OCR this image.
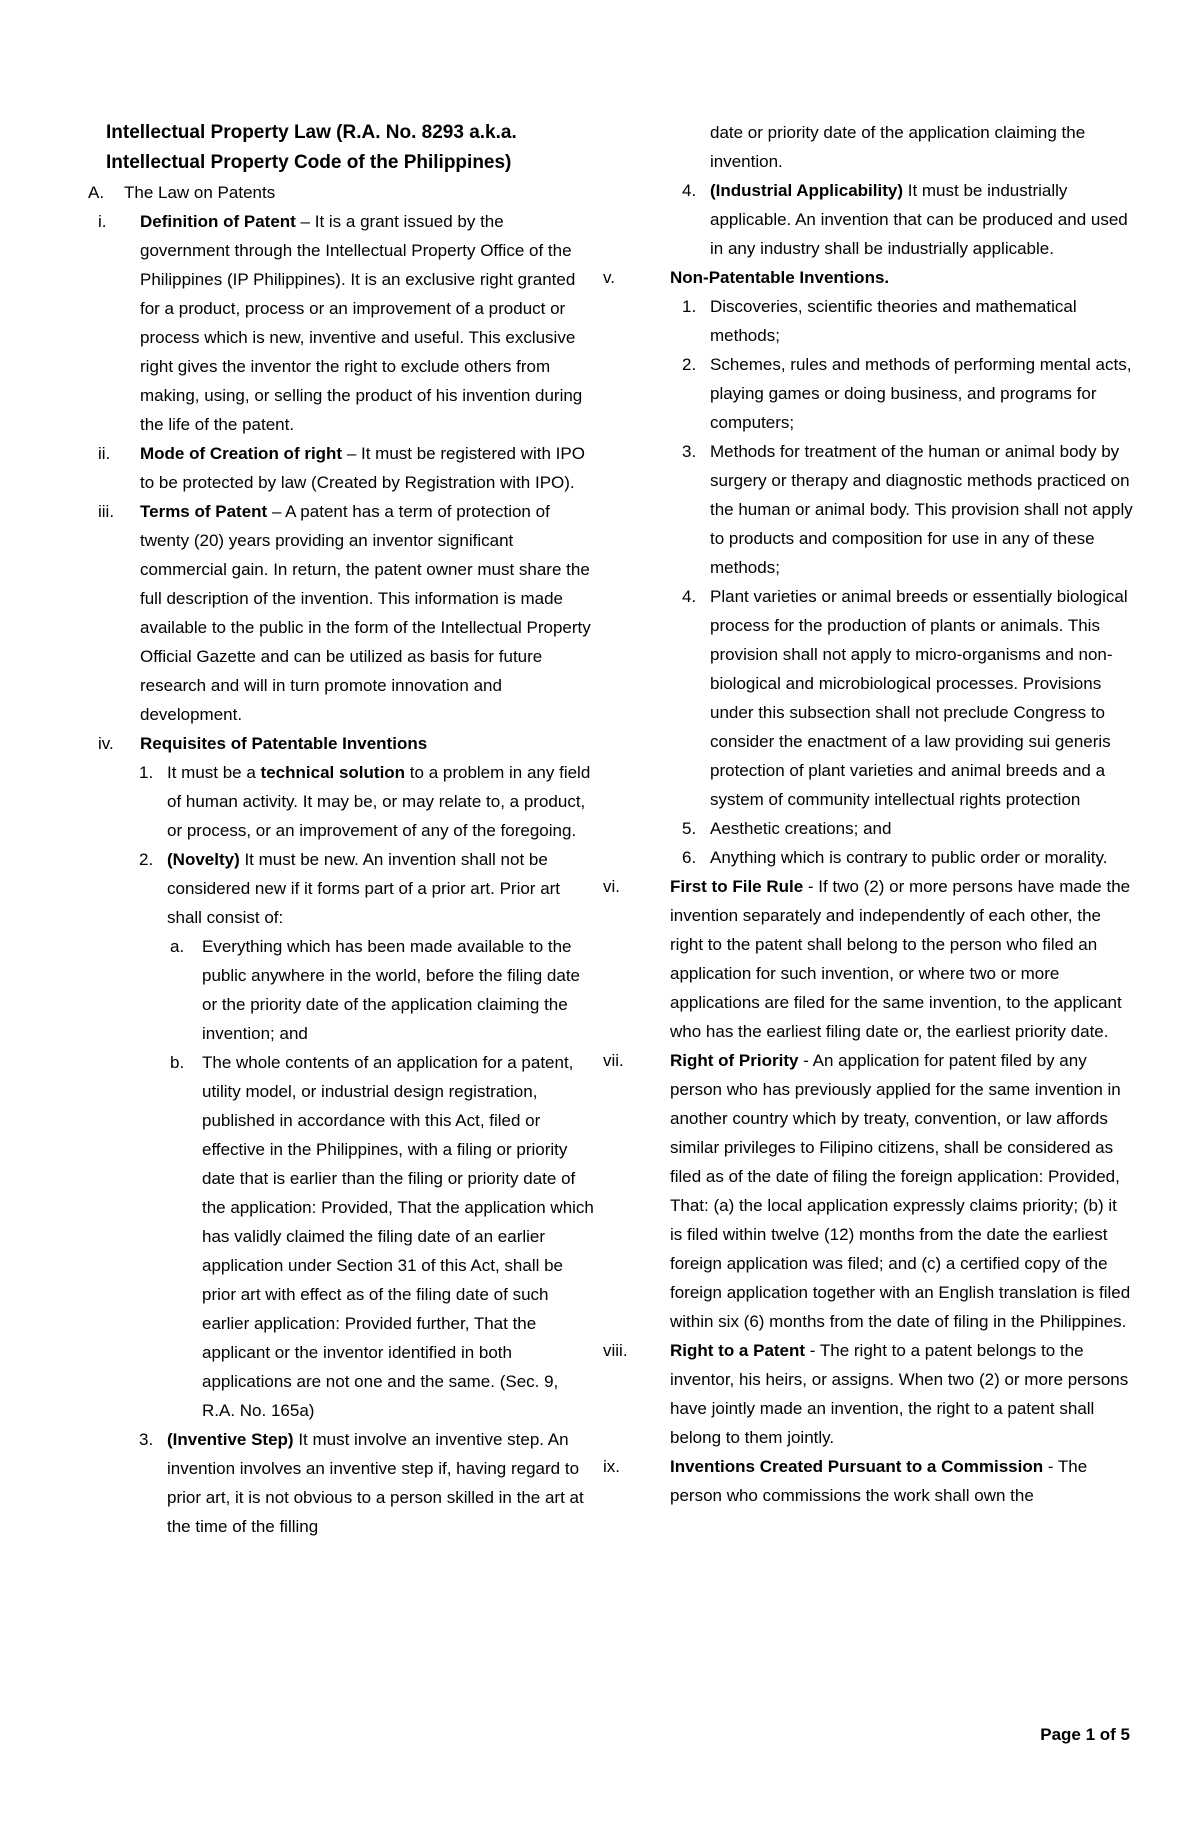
Intellectual Property Law (R.A. No. 8293 a.k.a.
Intellectual Property Code of the Philippines)
A.	The Law on Patents
i.	Definition of Patent – It is a grant issued by the government through the Intellectual Property Office of the Philippines (IP Philippines). It is an exclusive right granted for a product, process or an improvement of a product or process which is new, inventive and useful. This exclusive right gives the inventor the right to exclude others from making, using, or selling the product of his invention during the life of the patent.
ii.	Mode of Creation of right – It must be registered with IPO to be protected by law (Created by Registration with IPO).
iii.	Terms of Patent – A patent has a term of protection of twenty (20) years providing an inventor significant commercial gain. In return, the patent owner must share the full description of the invention. This information is made available to the public in the form of the Intellectual Property Official Gazette and can be utilized as basis for future research and will in turn promote innovation and development.
iv.	Requisites of Patentable Inventions
1. It must be a technical solution to a problem in any field of human activity. It may be, or may relate to, a product, or process, or an improvement of any of the foregoing.
2. (Novelty) It must be new. An invention shall not be considered new if it forms part of a prior art. Prior art shall consist of:
a.	Everything which has been made available to the public anywhere in the world, before the filing date or the priority date of the application claiming the invention; and
b.	The whole contents of an application for a patent, utility model, or industrial design registration, published in accordance with this Act, filed or effective in the Philippines, with a filing or priority date that is earlier than the filing or priority date of the application: Provided, That the application which has validly claimed the filing date of an earlier application under Section 31 of this Act, shall be prior art with effect as of the filing date of such earlier application: Provided further, That the applicant or the inventor identified in both applications are not one and the same. (Sec. 9, R.A. No. 165a)
3. (Inventive Step) It must involve an inventive step. An invention involves an inventive step if, having regard to prior art, it is not obvious to a person skilled in the art at the time of the filling
date or priority date of the application claiming the invention.
4. (Industrial Applicability) It must be industrially applicable. An invention that can be produced and used in any industry shall be industrially applicable.
v.	Non-Patentable Inventions.
1. Discoveries, scientific theories and mathematical methods;
2. Schemes, rules and methods of performing mental acts, playing games or doing business, and programs for computers;
3. Methods for treatment of the human or animal body by surgery or therapy and diagnostic methods practiced on the human or animal body. This provision shall not apply to products and composition for use in any of these methods;
4. Plant varieties or animal breeds or essentially biological process for the production of plants or animals. This provision shall not apply to micro-organisms and non-biological and microbiological processes. Provisions under this subsection shall not preclude Congress to consider the enactment of a law providing sui generis protection of plant varieties and animal breeds and a system of community intellectual rights protection
5. Aesthetic creations; and
6. Anything which is contrary to public order or morality.
vi.	First to File Rule - If two (2) or more persons have made the invention separately and independently of each other, the right to the patent shall belong to the person who filed an application for such invention, or where two or more applications are filed for the same invention, to the applicant who has the earliest filing date or, the earliest priority date.
vii.	Right of Priority - An application for patent filed by any person who has previously applied for the same invention in another country which by treaty, convention, or law affords similar privileges to Filipino citizens, shall be considered as filed as of the date of filing the foreign application: Provided, That: (a) the local application expressly claims priority; (b) it is filed within twelve (12) months from the date the earliest foreign application was filed; and (c) a certified copy of the foreign application together with an English translation is filed within six (6) months from the date of filing in the Philippines.
viii.	Right to a Patent - The right to a patent belongs to the inventor, his heirs, or assigns. When two (2) or more persons have jointly made an invention, the right to a patent shall belong to them jointly.
ix.	Inventions Created Pursuant to a Commission - The person who commissions the work shall own the
Page 1 of 5
